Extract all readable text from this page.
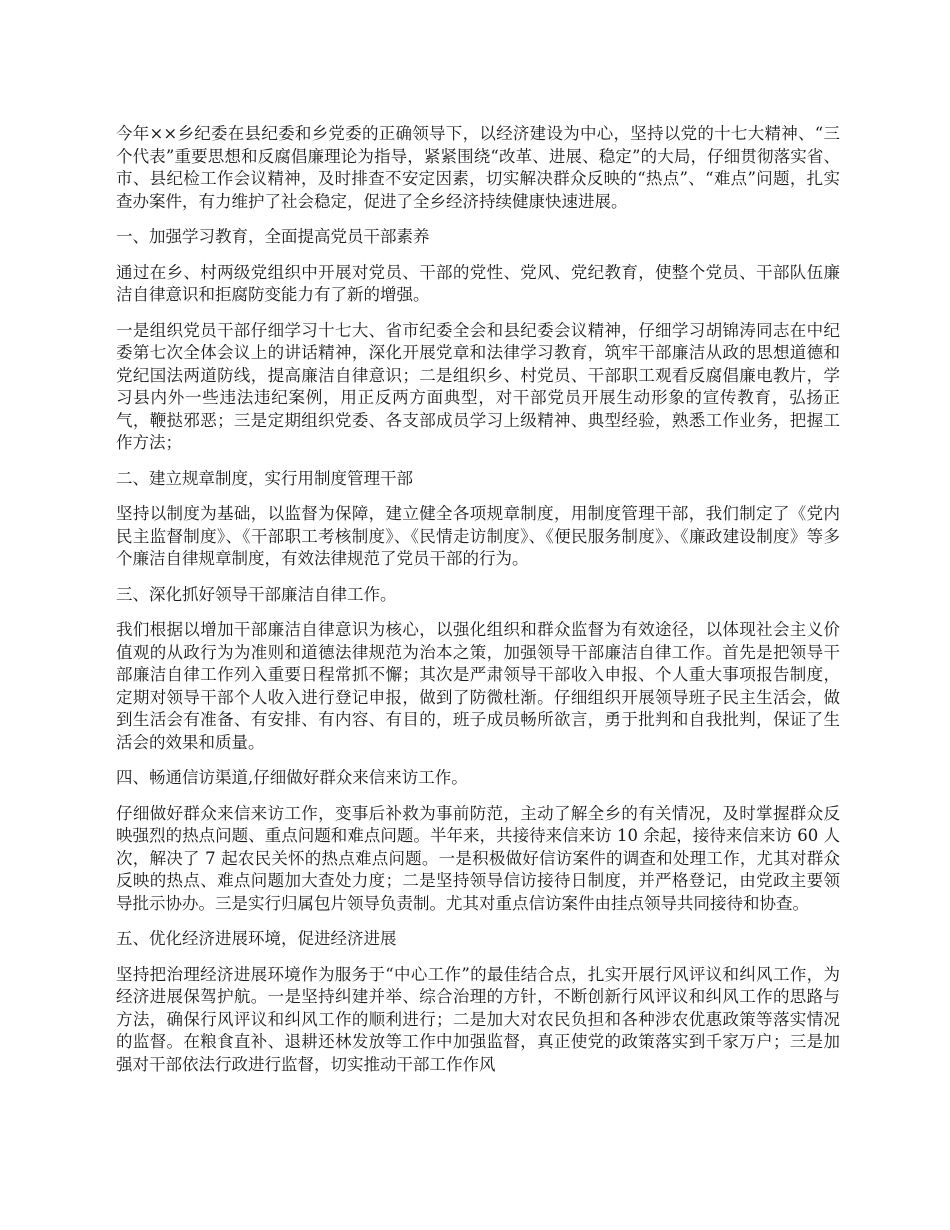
今年××乡纪委在县纪委和乡党委的正确领导下，以经济建设为中心，坚持以党的十七大精神、“三个代表”重要思想和反腐倡廉理论为指导，紧紧围绕“改革、进展、稳定”的大局，仔细贯彻落实省、市、县纪检工作会议精神，及时排查不安定因素，切实解决群众反映的“热点”、“难点”问题，扎实查办案件，有力维护了社会稳定，促进了全乡经济持续健康快速进展。

一、加强学习教育，全面提高党员干部素养

通过在乡、村两级党组织中开展对党员、干部的党性、党风、党纪教育，使整个党员、干部队伍廉洁自律意识和拒腐防变能力有了新的增强。

一是组织党员干部仔细学习十七大、省市纪委全会和县纪委会议精神，仔细学习胡锦涛同志在中纪委第七次全体会议上的讲话精神，深化开展党章和法律学习教育，筑牢干部廉洁从政的思想道德和党纪国法两道防线，提高廉洁自律意识；二是组织乡、村党员、干部职工观看反腐倡廉电教片，学习县内外一些违法违纪案例，用正反两方面典型，对干部党员开展生动形象的宣传教育，弘扬正气，鞭挞邪恶；三是定期组织党委、各支部成员学习上级精神、典型经验，熟悉工作业务，把握工作方法；

二、建立规章制度，实行用制度管理干部

坚持以制度为基础，以监督为保障，建立健全各项规章制度，用制度管理干部，我们制定了《党内民主监督制度》、《干部职工考核制度》、《民情走访制度》、《便民服务制度》、《廉政建设制度》等多个廉洁自律规章制度，有效法律规范了党员干部的行为。

三、深化抓好领导干部廉洁自律工作。

我们根据以增加干部廉洁自律意识为核心，以强化组织和群众监督为有效途径，以体现社会主义价值观的从政行为为准则和道德法律规范为治本之策，加强领导干部廉洁自律工作。首先是把领导干部廉洁自律工作列入重要日程常抓不懈；其次是严肃领导干部收入申报、个人重大事项报告制度，定期对领导干部个人收入进行登记申报，做到了防微杜渐。仔细组织开展领导班子民主生活会，做到生活会有准备、有安排、有内容、有目的，班子成员畅所欲言，勇于批判和自我批判，保证了生活会的效果和质量。

四、畅通信访渠道,仔细做好群众来信来访工作。

仔细做好群众来信来访工作，变事后补救为事前防范，主动了解全乡的有关情况，及时掌握群众反映强烈的热点问题、重点问题和难点问题。半年来，共接待来信来访 10 余起，接待来信来访 60 人次，解决了 7 起农民关怀的热点难点问题。一是积极做好信访案件的调查和处理工作，尤其对群众反映的热点、难点问题加大查处力度；二是坚持领导信访接待日制度，并严格登记，由党政主要领导批示协办。三是实行归属包片领导负责制。尤其对重点信访案件由挂点领导共同接待和协查。

五、优化经济进展环境，促进经济进展

坚持把治理经济进展环境作为服务于“中心工作”的最佳结合点，扎实开展行风评议和纠风工作，为经济进展保驾护航。一是坚持纠建并举、综合治理的方针，不断创新行风评议和纠风工作的思路与方法，确保行风评议和纠风工作的顺利进行；二是加大对农民负担和各种涉农优惠政策等落实情况的监督。在粮食直补、退耕还林发放等工作中加强监督，真正使党的政策落实到千家万户；三是加强对干部依法行政进行监督，切实推动干部工作作风
